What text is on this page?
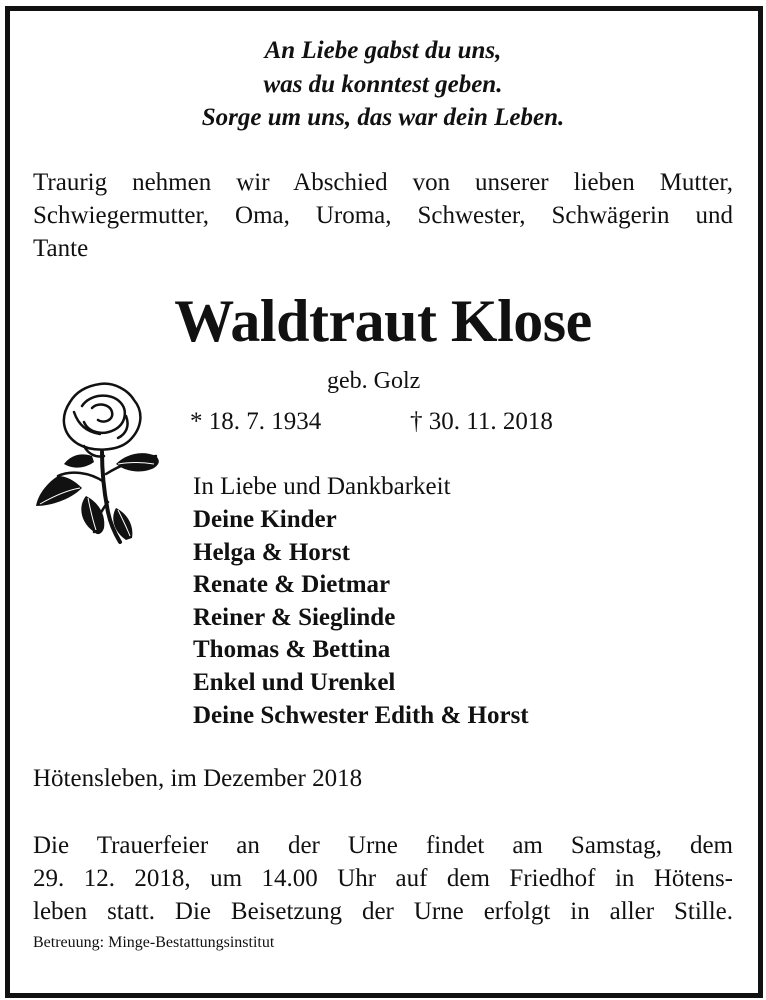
An Liebe gabst du uns,
was du konntest geben.
Sorge um uns, das war dein Leben.
Traurig nehmen wir Abschied von unserer lieben Mutter,
Schwiegermutter, Oma, Uroma, Schwester, Schwägerin und
Tante
Waldtraut Klose
geb. Golz
* 18. 7. 1934	† 30. 11. 2018
In Liebe und Dankbarkeit
Deine Kinder
Helga & Horst
Renate & Dietmar
Reiner & Sieglinde
Thomas & Bettina
Enkel und Urenkel
Deine Schwester Edith & Horst
Hötensleben, im Dezember 2018
Die Trauerfeier an der Urne findet am Samstag, dem
29. 12. 2018, um 14.00 Uhr auf dem Friedhof in Hötens-
leben statt. Die Beisetzung der Urne erfolgt in aller Stille.
Betreuung: Minge-Bestattungsinstitut
